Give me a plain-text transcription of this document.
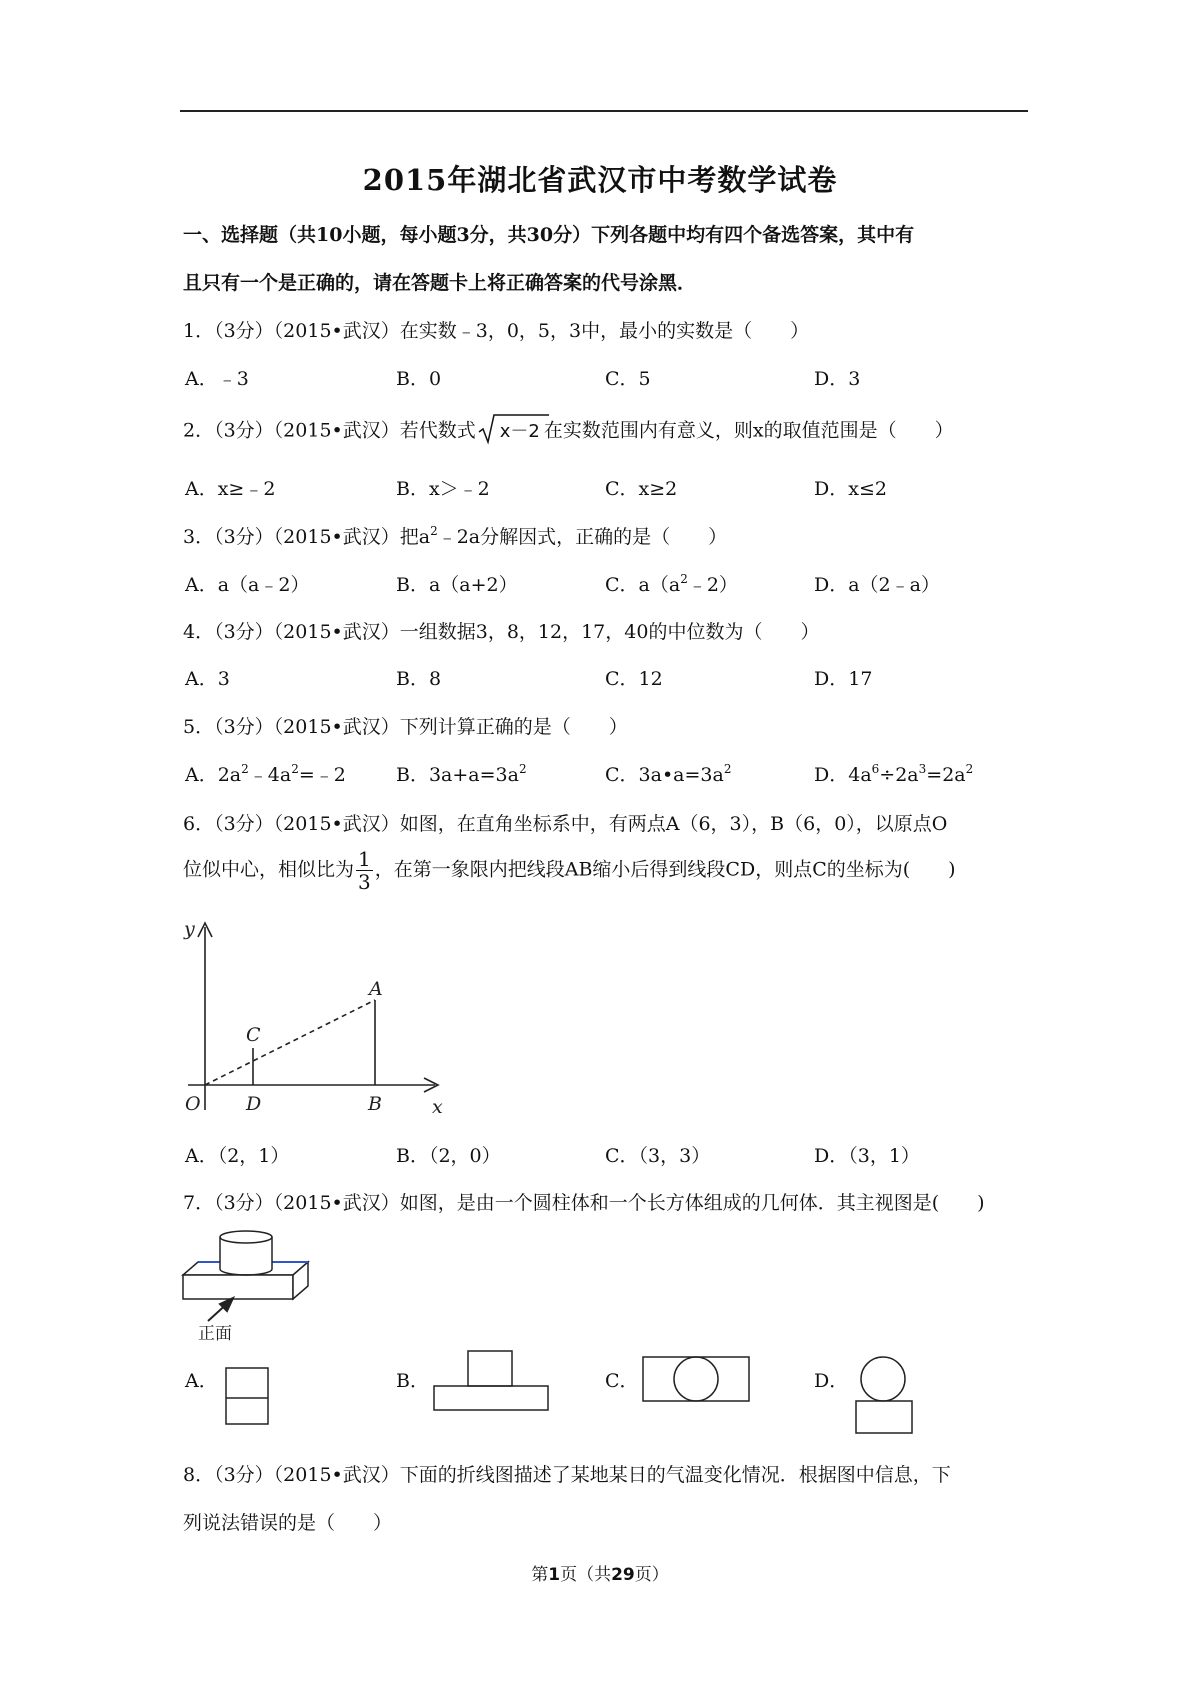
2015年湖北省武汉市中考数学试卷
一、选择题（共10小题，每小题3分，共30分）下列各题中均有四个备选答案，其中有
且只有一个是正确的，请在答题卡上将正确答案的代号涂黑．
1．（3分）（2015•武汉）在实数﹣3，0，5，3中，最小的实数是（　　）
A．﹣3	B．0	C．5	D．3
2．（3分）（2015•武汉）若代数式 x－2 在实数范围内有意义，则x的取值范围是（　　）
A．x≥﹣2	B．x＞﹣2	C．x≥2	D．x≤2
3．（3分）（2015•武汉）把$a^2﹣2a$分解因式，正确的是（　　）
A．a（a﹣2）	B．a（a+2）	C．$a(a^2﹣2)$	D．a（2﹣a）
4．（3分）（2015•武汉）一组数据3，8，12，17，40的中位数为（　　）
A．3	B．8	C．12	D．17
5．（3分）（2015•武汉）下列计算正确的是（　　）
A．$2a^2﹣4a^2=﹣2$	B．$3a+a=3a^2$	C．$3a•a=3a^2$	D．$4a^6\div 2a^3=2a^2$
6．（3分）（2015•武汉）如图，在直角坐标系中，有两点A（6，3），B（6，0），以原点O
位似中心，相似比为 $\frac{1}{3}$ ，在第一象限内把线段AB缩小后得到线段CD，则点C的坐标为(　　)
y
x
O
A
B
C
D
A．（2，1）	B．（2，0）	C．（3，3）	D．（3，1）
7．（3分）（2015•武汉）如图，是由一个圆柱体和一个长方体组成的几何体．其主视图是(　　)
正面
A．	B．	C．	D．
8．（3分）（2015•武汉）下面的折线图描述了某地某日的气温变化情况．根据图中信息，下
列说法错误的是（　　）
第1页（共29页）
